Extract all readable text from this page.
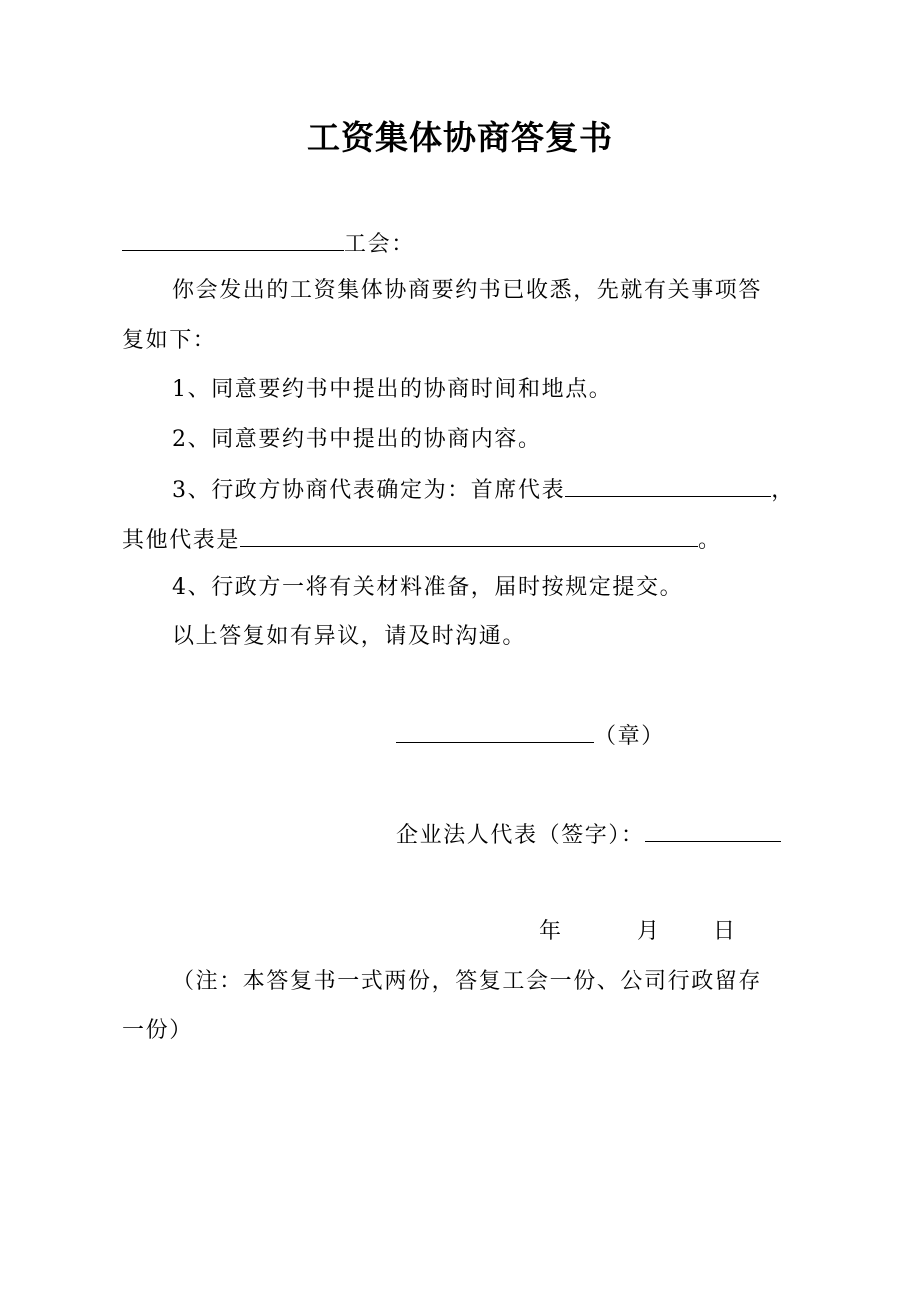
工资集体协商答复书
工会：
你会发出的工资集体协商要约书已收悉，先就有关事项答
复如下：
1、同意要约书中提出的协商时间和地点。
2、同意要约书中提出的协商内容。
3、行政方协商代表确定为：首席代表	，
其他代表是	。
4、行政方一将有关材料准备，届时按规定提交。
以上答复如有异议，请及时沟通。
（章）
企业法人代表（签字）：
年	月 日
（注：本答复书一式两份，答复工会一份、公司行政留存
一份）
